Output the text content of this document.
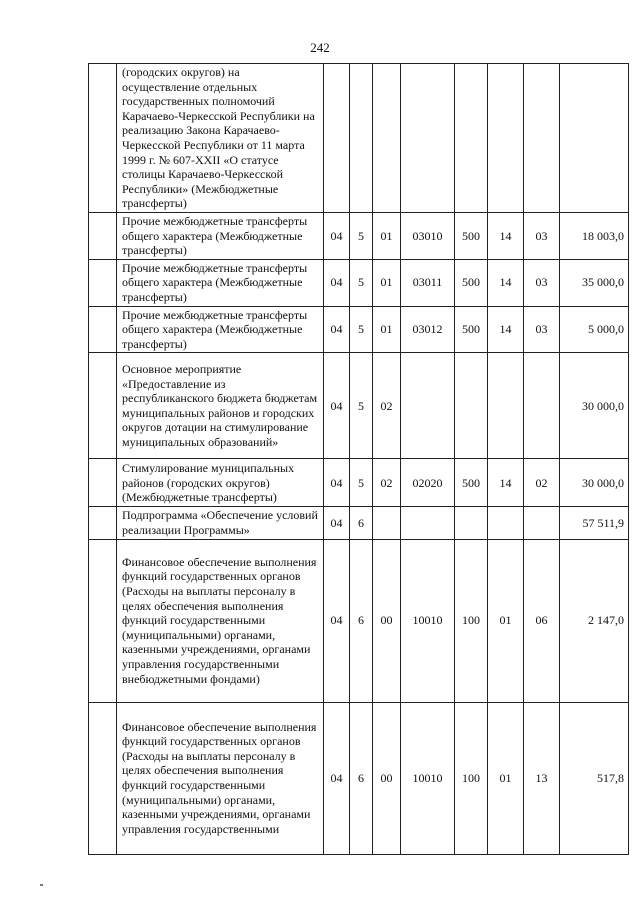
242
	(городских округов) на осуществление отдельных государственных полномочий Карачаево-Черкесской Республики на реализацию Закона Карачаево-Черкесской Республики от 11 марта 1999 г. № 607-XXII «О статусе столицы Карачаево-Черкесской Республики» (Межбюджетные трансферты)								
	Прочие межбюджетные трансферты общего характера (Межбюджетные трансферты)	04	5	01	03010	500	14	03	18 003,0
	Прочие межбюджетные трансферты общего характера (Межбюджетные трансферты)	04	5	01	03011	500	14	03	35 000,0
	Прочие межбюджетные трансферты общего характера (Межбюджетные трансферты)	04	5	01	03012	500	14	03	5 000,0
	Основное мероприятие «Предоставление из республиканского бюджета бюджетам муниципальных районов и городских округов дотации на стимулирование муниципальных образований»	04	5	02					30 000,0
	Стимулирование муниципальных районов (городских округов) (Межбюджетные трансферты)	04	5	02	02020	500	14	02	30 000,0
	Подпрограмма «Обеспечение условий реализации Программы»	04	6						57 511,9
	Финансовое обеспечение выполнения функций государственных органов (Расходы на выплаты персоналу в целях обеспечения выполнения функций государственными (муниципальными) органами, казенными учреждениями, органами управления государственными внебюджетными фондами)	04	6	00	10010	100	01	06	2 147,0
	Финансовое обеспечение выполнения функций государственных органов (Расходы на выплаты персоналу в целях обеспечения выполнения функций государственными (муниципальными) органами, казенными учреждениями, органами управления государственными	04	6	00	10010	100	01	13	517,8
